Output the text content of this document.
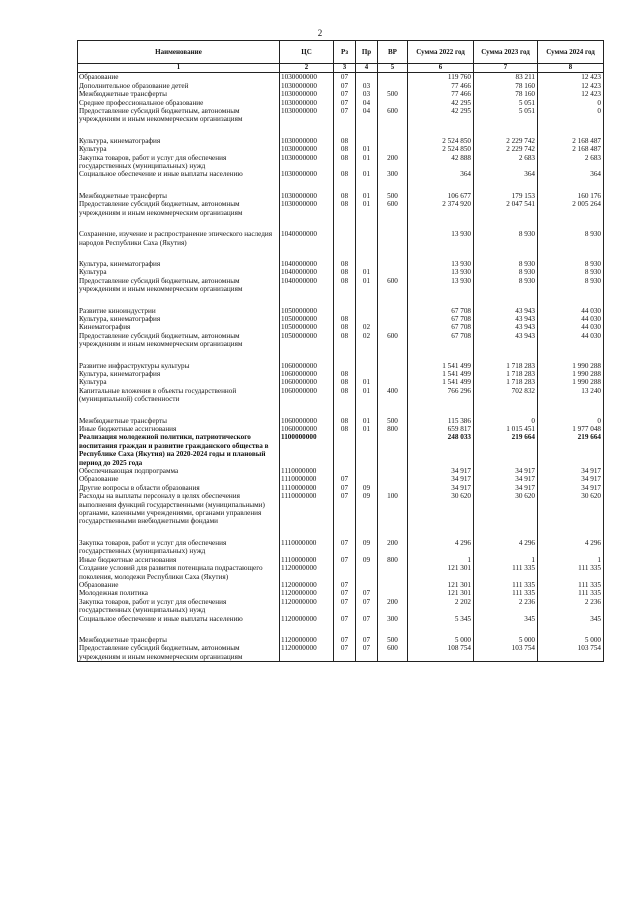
2
Наименование	ЦС	Рз	Пр	ВР	Сумма 2022 год	Сумма 2023 год	Сумма 2024 год
1	2	3	4	5	6	7	8
Образование	1030000000	07			119 760	83 211	12 423
Дополнительное образование детей	1030000000	07	03		77 466	78 160	12 423
Межбюджетные трансферты	1030000000	07	03	500	77 466	78 160	12 423
Среднее профессиональное образование	1030000000	07	04		42 295	5 051	0
Предоставление субсидий бюджетным, автономным учреждениям и иным некоммерческим организациям	1030000000	07	04	600	42 295	5 051	0

Культура, кинематография	1030000000	08			2 524 850	2 229 742	2 168 487
Культура	1030000000	08	01		2 524 850	2 229 742	2 168 487
Закупка товаров, работ и услуг для обеспечения государственных (муниципальных) нужд	1030000000	08	01	200	42 888	2 683	2 683
Социальное обеспечение и иные выплаты населению	1030000000	08	01	300	364	364	364

Межбюджетные трансферты	1030000000	08	01	500	106 677	179 153	160 176
Предоставление субсидий бюджетным, автономным учреждениям и иным некоммерческим организациям	1030000000	08	01	600	2 374 920	2 047 541	2 005 264

Сохранение, изучение и распространение эпического наследия народов Республики Саха (Якутия)	1040000000				13 930	8 930	8 930

Культура, кинематография	1040000000	08			13 930	8 930	8 930
Культура	1040000000	08	01		13 930	8 930	8 930
Предоставление субсидий бюджетным, автономным учреждениям и иным некоммерческим организациям	1040000000	08	01	600	13 930	8 930	8 930

Развитие киноиндустрии	1050000000				67 708	43 943	44 030
Культура, кинематография	1050000000	08			67 708	43 943	44 030
Кинематография	1050000000	08	02		67 708	43 943	44 030
Предоставление субсидий бюджетным, автономным учреждениям и иным некоммерческим организациям	1050000000	08	02	600	67 708	43 943	44 030

Развитие инфраструктуры культуры	1060000000				1 541 499	1 718 283	1 990 288
Культура, кинематография	1060000000	08			1 541 499	1 718 283	1 990 288
Культура	1060000000	08	01		1 541 499	1 718 283	1 990 288
Капитальные вложения в объекты государственной (муниципальной) собственности	1060000000	08	01	400	766 296	702 832	13 240

Межбюджетные трансферты	1060000000	08	01	500	115 386	0	0
Иные бюджетные ассигнования	1060000000	08	01	800	659 817	1 015 451	1 977 048
Реализация молодежной политики, патриотического воспитания граждан и развитие гражданского общества в Республике Саха (Якутия) на 2020-2024 годы и плановый период до 2025 года	1100000000				248 033	219 664	219 664
Обеспечивающая подпрограмма	1110000000				34 917	34 917	34 917
Образование	1110000000	07			34 917	34 917	34 917
Другие вопросы в области образования	1110000000	07	09		34 917	34 917	34 917
Расходы на выплаты персоналу в целях обеспечения выполнения функций государственными (муниципальными) органами, казенными учреждениями, органами управления государственными внебюджетными фондами	1110000000	07	09	100	30 620	30 620	30 620

Закупка товаров, работ и услуг для обеспечения государственных (муниципальных) нужд	1110000000	07	09	200	4 296	4 296	4 296
Иные бюджетные ассигнования	1110000000	07	09	800	1	1	1
Создание условий для развития потенциала подрастающего поколения, молодежи Республики Саха (Якутия)	1120000000				121 301	111 335	111 335
Образование	1120000000	07			121 301	111 335	111 335
Молодежная политика	1120000000	07	07		121 301	111 335	111 335
Закупка товаров, работ и услуг для обеспечения государственных (муниципальных) нужд	1120000000	07	07	200	2 202	2 236	2 236
Социальное обеспечение и иные выплаты населению	1120000000	07	07	300	5 345	345	345

Межбюджетные трансферты	1120000000	07	07	500	5 000	5 000	5 000
Предоставление субсидий бюджетным, автономным учреждениям и иным некоммерческим организациям	1120000000	07	07	600	108 754	103 754	103 754
